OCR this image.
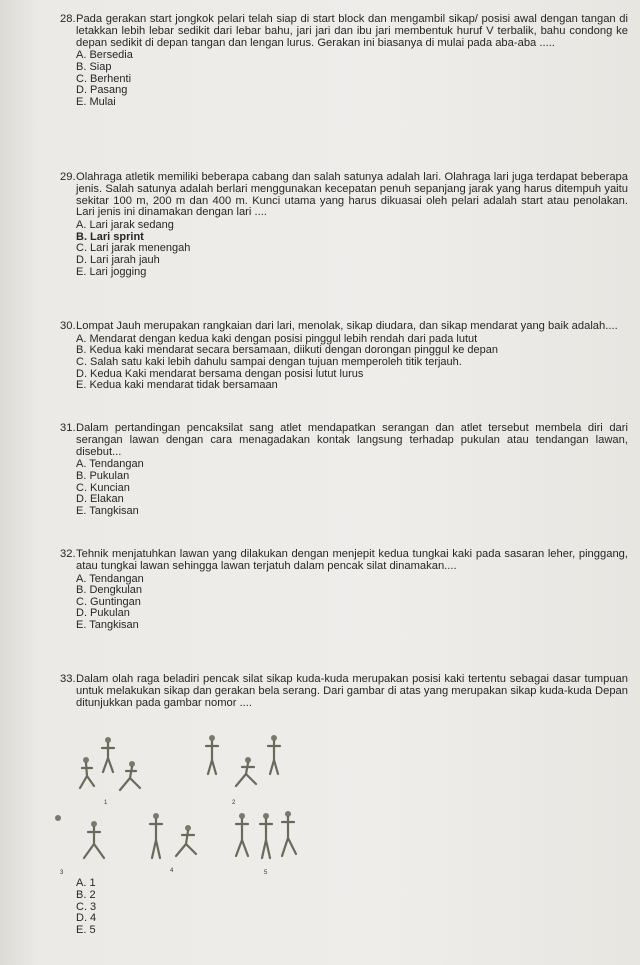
28. Pada gerakan start jongkok pelari telah siap di start block dan mengambil sikap/ posisi awal dengan tangan di letakkan lebih lebar sedikit dari lebar bahu, jari jari dan ibu jari membentuk huruf V terbalik, bahu condong ke depan sedikit di depan tangan dan lengan lurus. Gerakan ini biasanya di mulai pada aba-aba .....
A. Bersedia
B. Siap
C. Berhenti
D. Pasang
E. Mulai
29. Olahraga atletik memiliki beberapa cabang dan salah satunya adalah lari. Olahraga lari juga terdapat beberapa jenis. Salah satunya adalah berlari menggunakan kecepatan penuh sepanjang jarak yang harus ditempuh yaitu sekitar 100 m, 200 m dan 400 m. Kunci utama yang harus dikuasai oleh pelari adalah start atau penolakan. Lari jenis ini dinamakan dengan lari ....
A. Lari jarak sedang
B. Lari sprint
C. Lari jarak menengah
D. Lari jarah jauh
E. Lari jogging
30. Lompat Jauh merupakan rangkaian dari lari, menolak, sikap diudara, dan sikap mendarat yang baik adalah....
A. Mendarat dengan kedua kaki dengan posisi pinggul lebih rendah dari pada lutut
B. Kedua kaki mendarat secara bersamaan, diikuti dengan dorongan pinggul ke depan
C. Salah satu kaki lebih dahulu sampai dengan tujuan memperoleh titik terjauh.
D. Kedua Kaki mendarat bersama dengan posisi lutut lurus
E. Kedua kaki mendarat tidak bersamaan
31. Dalam pertandingan pencaksilat sang atlet mendapatkan serangan dan atlet tersebut membela diri dari serangan lawan dengan cara menagadakan kontak langsung terhadap pukulan atau tendangan lawan, disebut...
A. Tendangan
B. Pukulan
C. Kuncian
D. Elakan
E. Tangkisan
32. Tehnik menjatuhkan lawan yang dilakukan dengan menjepit kedua tungkai kaki pada sasaran leher, pinggang, atau tungkai lawan sehingga lawan terjatuh dalam pencak silat dinamakan....
A. Tendangan
B. Dengkulan
C. Guntingan
D. Pukulan
E. Tangkisan
33. Dalam olah raga beladiri pencak silat sikap kuda-kuda merupakan posisi kaki tertentu sebagai dasar tumpuan untuk melakukan sikap dan gerakan bela serang. Dari gambar di atas yang merupakan sikap kuda-kuda Depan ditunjukkan pada gambar nomor ....
1	2
3	4	5
A. 1
B. 2
C. 3
D. 4
E. 5
